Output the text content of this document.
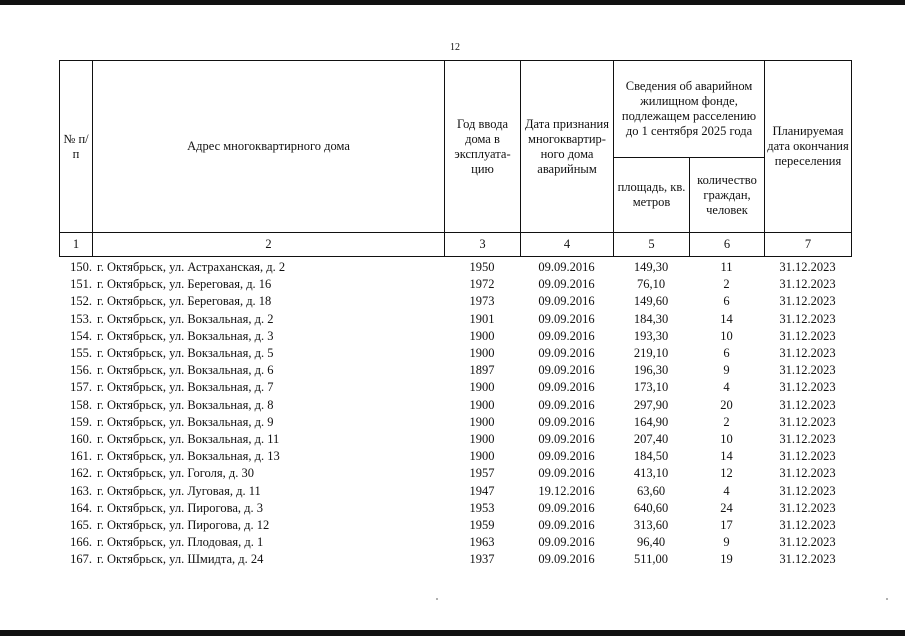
12
№ п/п	Адрес многоквартирного дома	Год ввода дома в эксплуата-цию	Дата признания многоквартир-ного дома аварийным	Сведения об аварийном жилищном фонде, подлежащем расселению до 1 сентября 2025 года		Планируемая дата окончания переселения
				площадь, кв. метров	количество граждан, человек	
1	2	3	4	5	6	7
150.	г. Октябрьск, ул. Астраханская, д. 2	1950	09.09.2016	149,30	11	31.12.2023
151.	г. Октябрьск, ул. Береговая, д. 16	1972	09.09.2016	76,10	2	31.12.2023
152.	г. Октябрьск, ул. Береговая, д. 18	1973	09.09.2016	149,60	6	31.12.2023
153.	г. Октябрьск, ул. Вокзальная, д. 2	1901	09.09.2016	184,30	14	31.12.2023
154.	г. Октябрьск, ул. Вокзальная, д. 3	1900	09.09.2016	193,30	10	31.12.2023
155.	г. Октябрьск, ул. Вокзальная, д. 5	1900	09.09.2016	219,10	6	31.12.2023
156.	г. Октябрьск, ул. Вокзальная, д. 6	1897	09.09.2016	196,30	9	31.12.2023
157.	г. Октябрьск, ул. Вокзальная, д. 7	1900	09.09.2016	173,10	4	31.12.2023
158.	г. Октябрьск, ул. Вокзальная, д. 8	1900	09.09.2016	297,90	20	31.12.2023
159.	г. Октябрьск, ул. Вокзальная, д. 9	1900	09.09.2016	164,90	2	31.12.2023
160.	г. Октябрьск, ул. Вокзальная, д. 11	1900	09.09.2016	207,40	10	31.12.2023
161.	г. Октябрьск, ул. Вокзальная, д. 13	1900	09.09.2016	184,50	14	31.12.2023
162.	г. Октябрьск, ул. Гоголя, д. 30	1957	09.09.2016	413,10	12	31.12.2023
163.	г. Октябрьск, ул. Луговая, д. 11	1947	19.12.2016	63,60	4	31.12.2023
164.	г. Октябрьск, ул. Пирогова, д. 3	1953	09.09.2016	640,60	24	31.12.2023
165.	г. Октябрьск, ул. Пирогова, д. 12	1959	09.09.2016	313,60	17	31.12.2023
166.	г. Октябрьск, ул. Плодовая, д. 1	1963	09.09.2016	96,40	9	31.12.2023
167.	г. Октябрьск, ул. Шмидта, д. 24	1937	09.09.2016	511,00	19	31.12.2023
